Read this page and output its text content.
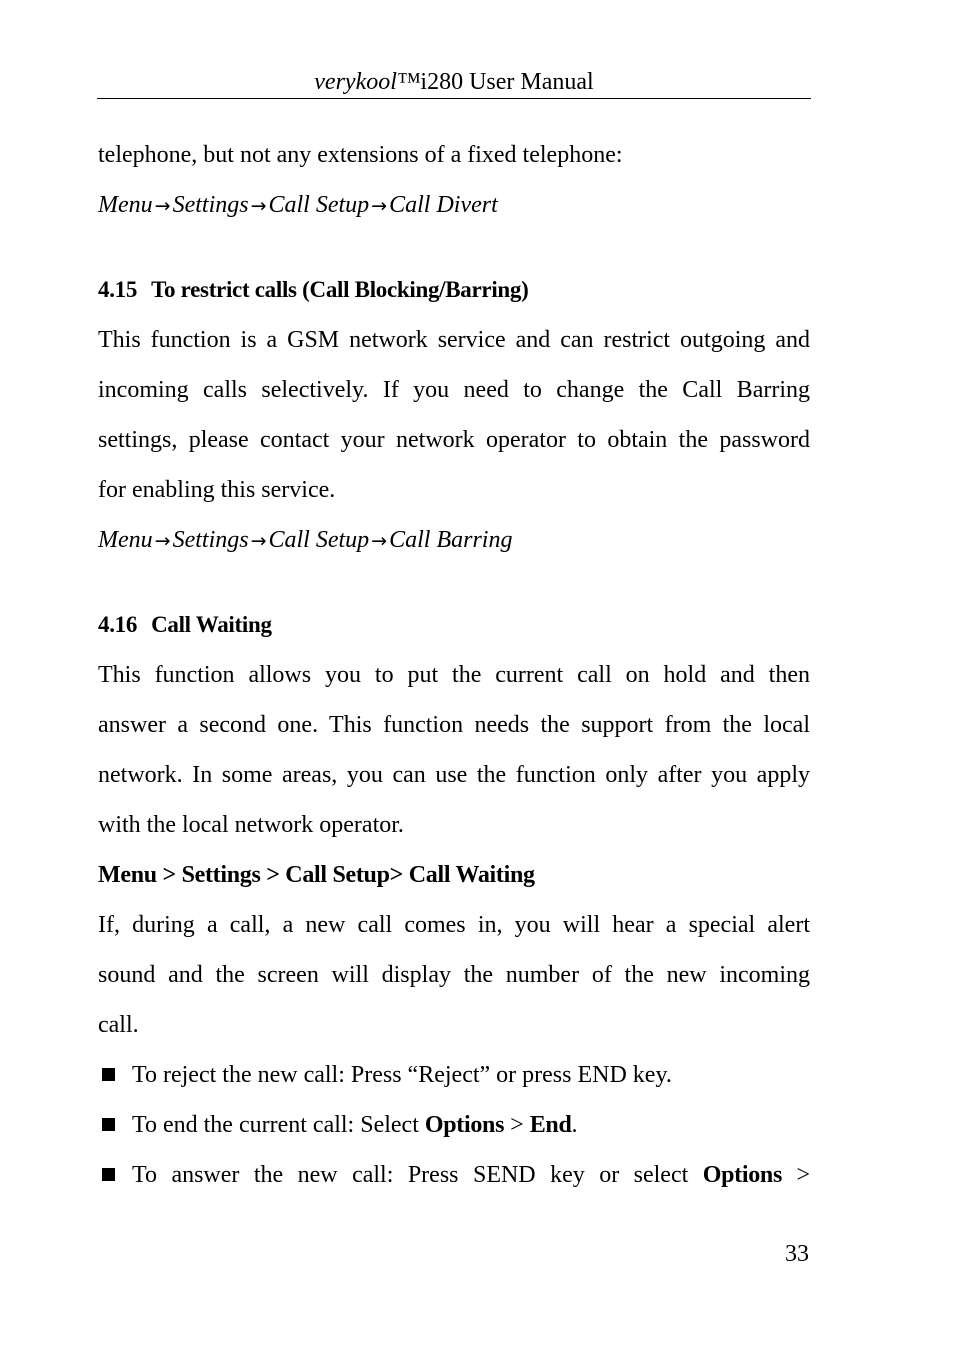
verykool™i280 User Manual
telephone, but not any extensions of a fixed telephone:
Menu →Settings →Call Setup →Call Divert
4.15 To restrict calls (Call Blocking/Barring)
This function is a GSM network service and can restrict outgoing and
incoming calls selectively. If you need to change the Call Barring
settings, please contact your network operator to obtain the password
for enabling this service.
Menu →Settings →Call Setup →Call Barring
4.16 Call Waiting
This function allows you to put the current call on hold and then
answer a second one. This function needs the support from the local
network. In some areas, you can use the function only after you apply
with the local network operator.
Menu > Settings > Call Setup> Call Waiting
If, during a call, a new call comes in, you will hear a special alert
sound and the screen will display the number of the new incoming
call.
To reject the new call: Press “Reject” or press END key.
To end the current call: Select Options > End.
To answer the new call: Press SEND key or select Options >
33
